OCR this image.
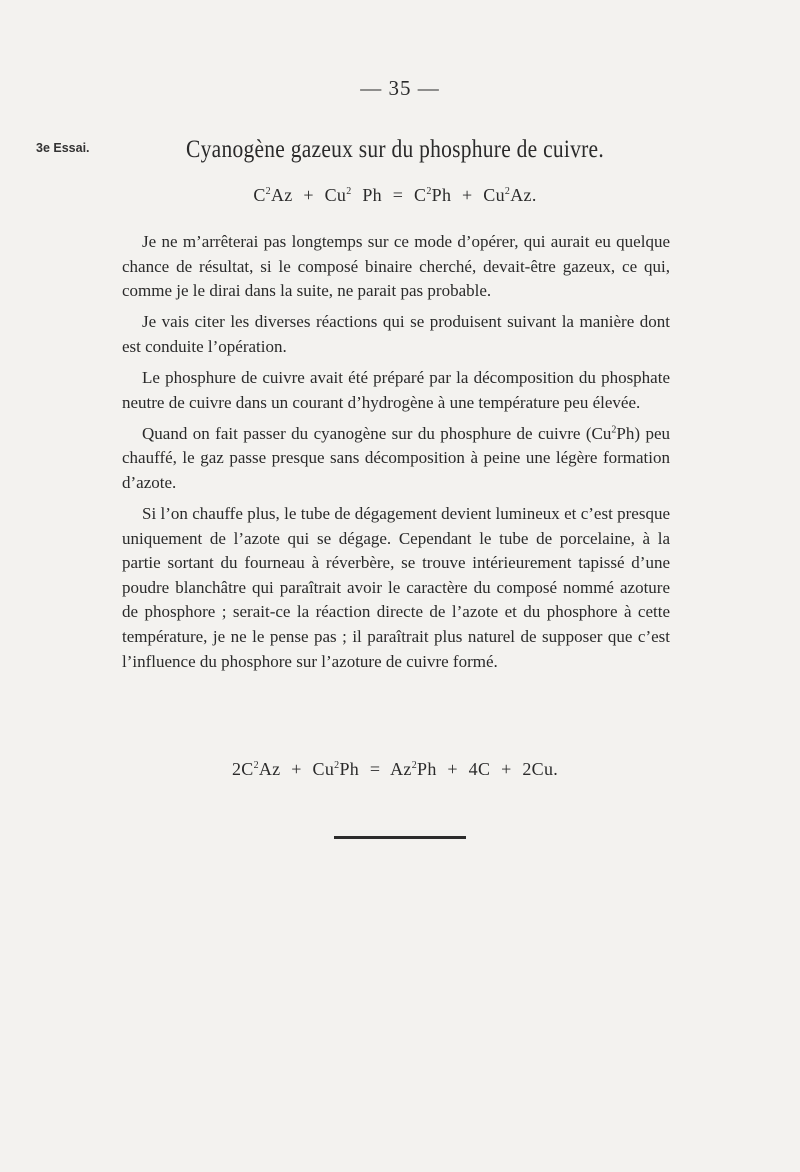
— 35 —
3e Essai.	Cyanogène gazeux sur du phosphure de cuivre.
$C^2Az + Cu^2$ $Ph = C^2Ph + Cu^2Az$.

Je ne m’arrêterai pas longtemps sur ce mode d’opérer, qui aurait eu quelque chance de résultat, si le composé binaire cherché, devait-être gazeux, ce qui, comme je le dirai dans la suite, ne parait pas probable.

Je vais citer les diverses réactions qui se produisent suivant la manière dont est conduite l’opération.

Le phosphure de cuivre avait été préparé par la décomposition du phosphate neutre de cuivre dans un courant d’hydrogène à une température peu élevée.

Quand on fait passer du cyanogène sur du phosphure de cuivre (Cu$^2$Ph) peu chauffé, le gaz passe presque sans décomposition à peine une légère formation d’azote.

Si l’on chauffe plus, le tube de dégagement devient lumineux et c’est presque uniquement de l’azote qui se dégage. Cependant le tube de porcelaine, à la partie sortant du fourneau à réverbère, se trouve intérieurement tapissé d’une poudre blanchâtre qui paraîtrait avoir le caractère du composé nommé azoture de phosphore ; serait-ce la réaction directe de l’azote et du phosphore à cette température, je ne le pense pas ; il paraîtrait plus naturel de supposer que c’est l’influence du phosphore sur l’azoture de cuivre formé.

$2C^2Az + Cu^2Ph = Az^2Ph + 4C + 2Cu$.
